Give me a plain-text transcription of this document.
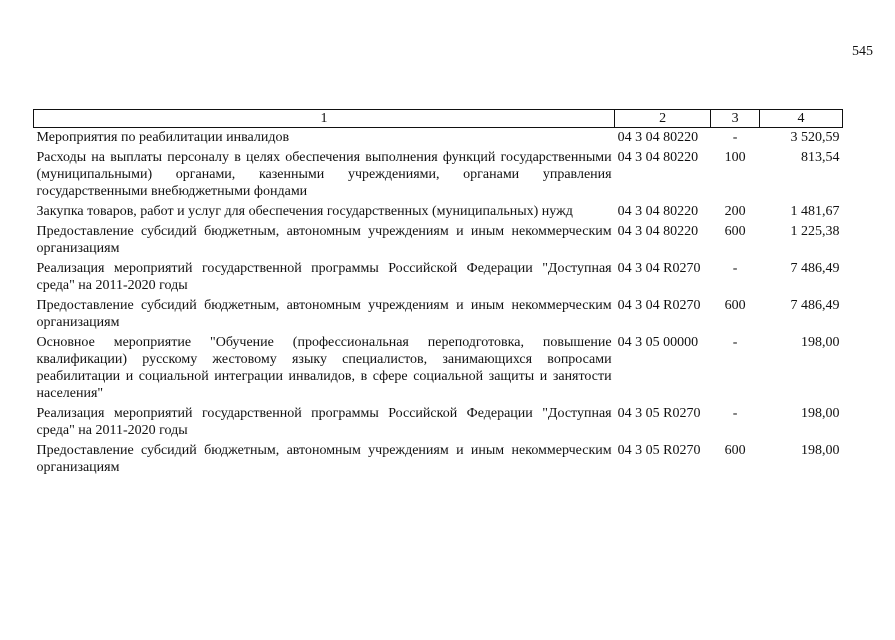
545
1	2	3	4
Мероприятия по реабилитации инвалидов	04 3 04 80220	-	3 520,59
Расходы на выплаты персоналу в целях обеспечения выполнения функций государственными (муниципальными) органами, казенными учреждениями, органами управления государственными внебюджетными фондами	04 3 04 80220	100	813,54
Закупка товаров, работ и услуг для обеспечения государственных (муниципальных) нужд	04 3 04 80220	200	1 481,67
Предоставление субсидий бюджетным, автономным учреждениям и иным некоммерческим организациям	04 3 04 80220	600	1 225,38
Реализация мероприятий государственной программы Российской Федерации "Доступная среда" на 2011-2020 годы	04 3 04 R0270	-	7 486,49
Предоставление субсидий бюджетным, автономным учреждениям и иным некоммерческим организациям	04 3 04 R0270	600	7 486,49
Основное мероприятие "Обучение (профессиональная переподготовка, повышение квалификации) русскому жестовому языку специалистов, занимающихся вопросами реабилитации и социальной интеграции инвалидов, в сфере социальной защиты и занятости населения"	04 3 05 00000	-	198,00
Реализация мероприятий государственной программы Российской Федерации "Доступная среда" на 2011-2020 годы	04 3 05 R0270	-	198,00
Предоставление субсидий бюджетным, автономным учреждениям и иным некоммерческим организациям	04 3 05 R0270	600	198,00
